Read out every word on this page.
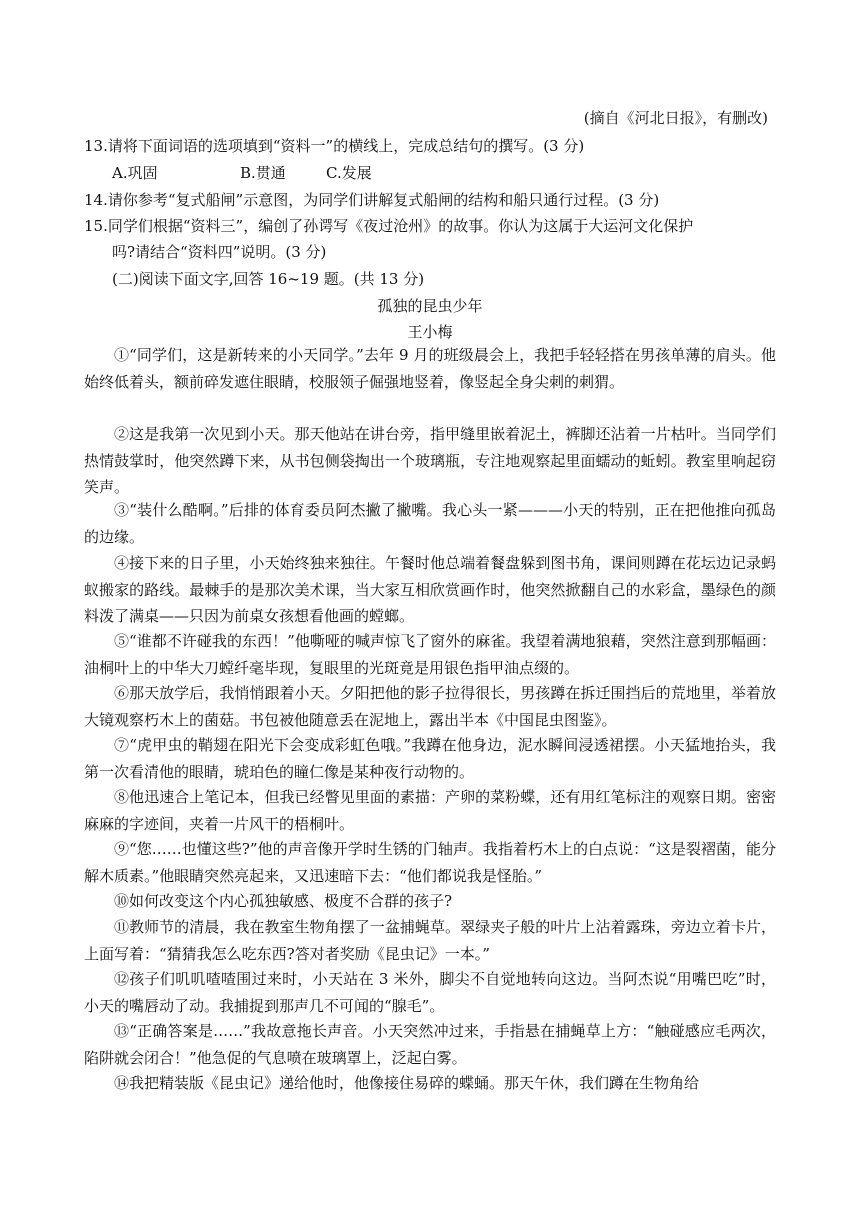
(摘自《河北日报》，有删改)
13.请将下面词语的选项填到“资料一”的横线上，完成总结句的撰写。(3 分)
A.巩固	B.贯通	C.发展
14.请你参考“复式船闸”示意图，为同学们讲解复式船闸的结构和船只通行过程。(3 分)
15.同学们根据“资料三”，编创了孙谔写《夜过沧州》的故事。你认为这属于大运河文化保护
吗?请结合“资料四”说明。(3 分)
(二)阅读下面文字,回答 16~19 题。(共 13 分)
孤独的昆虫少年
王小梅

①“同学们，这是新转来的小天同学。”去年 9 月的班级晨会上，我把手轻轻搭在男孩单薄的肩头。他始终低着头，额前碎发遮住眼睛，校服领子倔强地竖着，像竖起全身尖刺的刺猬。

②这是我第一次见到小天。那天他站在讲台旁，指甲缝里嵌着泥土，裤脚还沾着一片枯叶。当同学们热情鼓掌时，他突然蹲下来，从书包侧袋掏出一个玻璃瓶，专注地观察起里面蠕动的蚯蚓。教室里响起窃笑声。

③“装什么酷啊。”后排的体育委员阿杰撇了撇嘴。我心头一紧———小天的特别，正在把他推向孤岛的边缘。

④接下来的日子里，小天始终独来独往。午餐时他总端着餐盘躲到图书角，课间则蹲在花坛边记录蚂蚁搬家的路线。最棘手的是那次美术课，当大家互相欣赏画作时，他突然掀翻自己的水彩盒，墨绿色的颜料泼了满桌——只因为前桌女孩想看他画的螳螂。

⑤“谁都不许碰我的东西！”他嘶哑的喊声惊飞了窗外的麻雀。我望着满地狼藉，突然注意到那幅画：油桐叶上的中华大刀螳纤毫毕现，复眼里的光斑竟是用银色指甲油点缀的。

⑥那天放学后，我悄悄跟着小天。夕阳把他的影子拉得很长，男孩蹲在拆迁围挡后的荒地里，举着放大镜观察朽木上的菌菇。书包被他随意丢在泥地上，露出半本《中国昆虫图鉴》。

⑦“虎甲虫的鞘翅在阳光下会变成彩虹色哦。”我蹲在他身边，泥水瞬间浸透裙摆。小天猛地抬头，我第一次看清他的眼睛，琥珀色的瞳仁像是某种夜行动物的。

⑧他迅速合上笔记本，但我已经瞥见里面的素描：产卵的菜粉蝶，还有用红笔标注的观察日期。密密麻麻的字迹间，夹着一片风干的梧桐叶。

⑨“您……也懂这些?”他的声音像开学时生锈的门轴声。我指着朽木上的白点说：“这是裂褶菌，能分解木质素。”他眼睛突然亮起来，又迅速暗下去：“他们都说我是怪胎。”

⑩如何改变这个内心孤独敏感、极度不合群的孩子?

⑪教师节的清晨，我在教室生物角摆了一盆捕蝇草。翠绿夹子般的叶片上沾着露珠，旁边立着卡片，上面写着：“猜猜我怎么吃东西?答对者奖励《昆虫记》一本。”

⑫孩子们叽叽喳喳围过来时，小天站在 3 米外，脚尖不自觉地转向这边。当阿杰说“用嘴巴吃”时，小天的嘴唇动了动。我捕捉到那声几不可闻的“腺毛”。

⑬“正确答案是……”我故意拖长声音。小天突然冲过来，手指悬在捕蝇草上方：“触碰感应毛两次，陷阱就会闭合！”他急促的气息喷在玻璃罩上，泛起白雾。

⑭我把精装版《昆虫记》递给他时，他像接住易碎的蝶蛹。那天午休，我们蹲在生物角给
